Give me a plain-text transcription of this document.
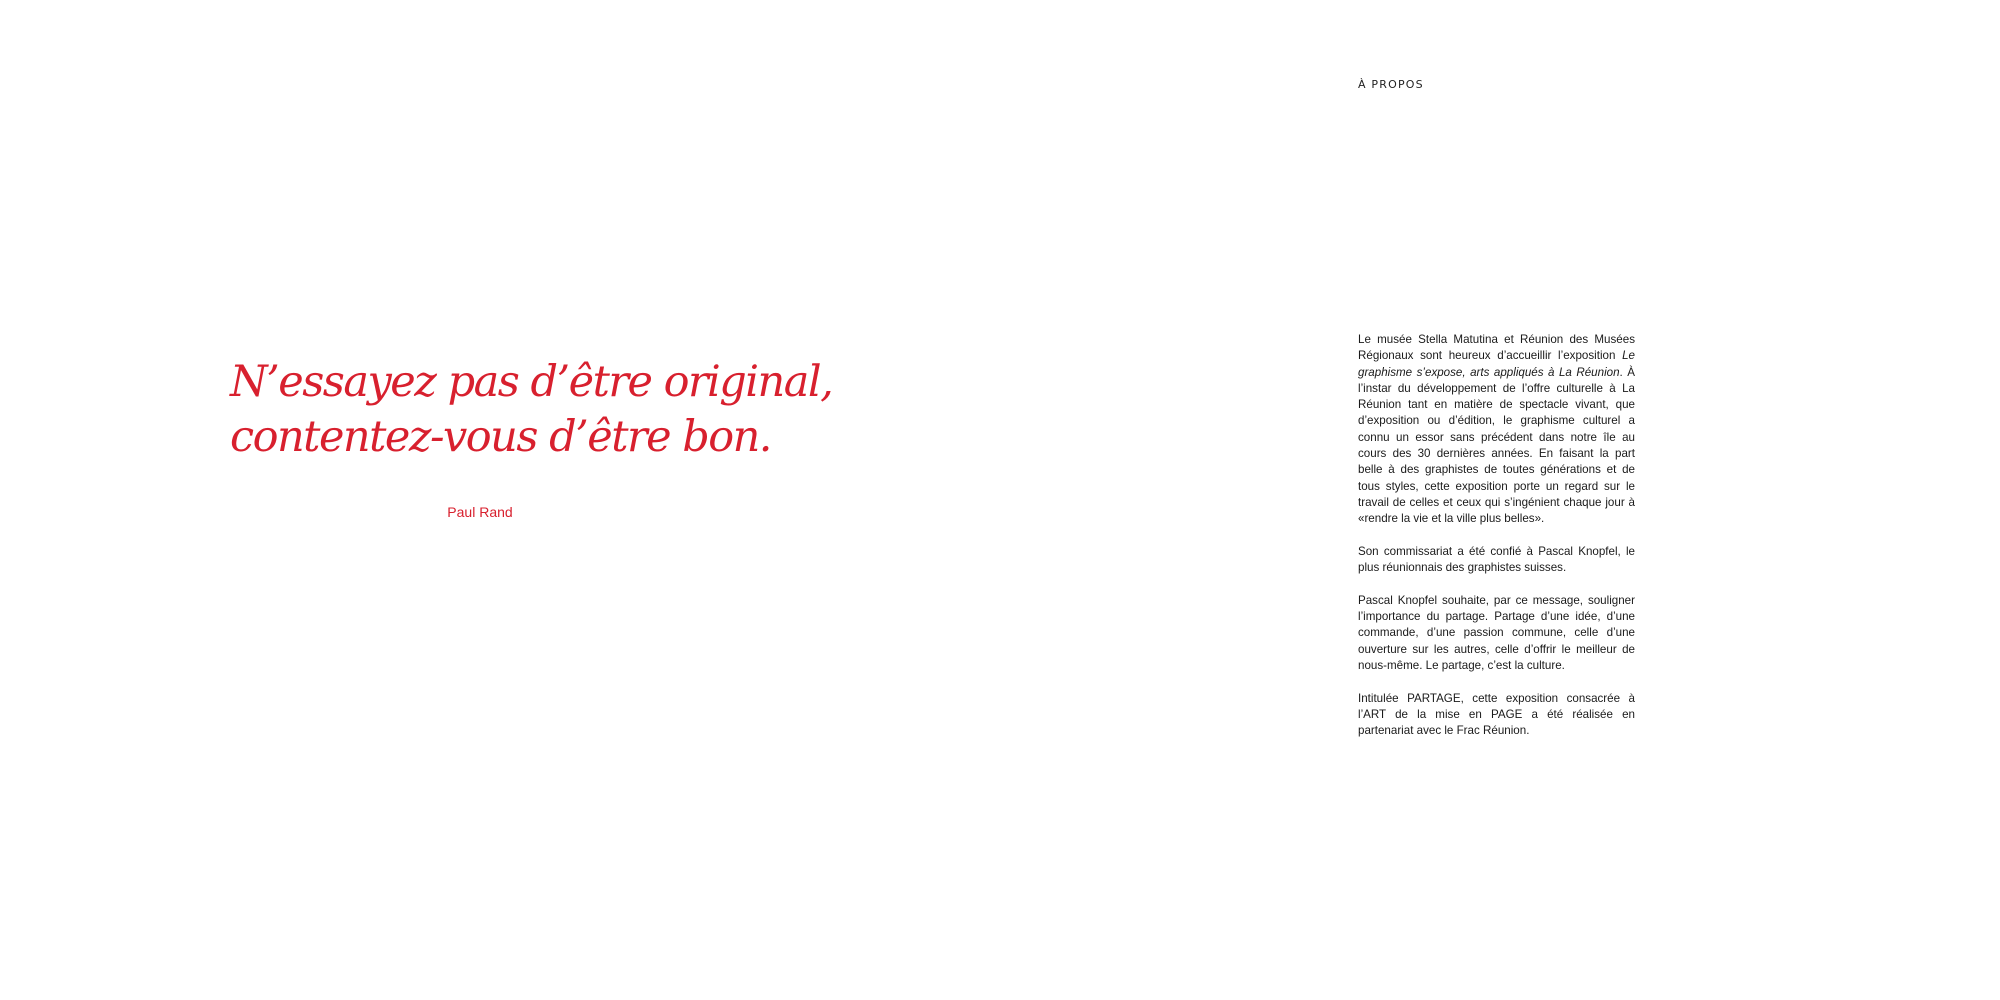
N’essayez pas d’être original,
contentez-vous d’être bon.
Paul Rand
À PROPOS

Le musée Stella Matutina et Réunion des Musées Régionaux sont heureux d’accueillir l’exposition Le graphisme s’expose, arts appliqués à La Réunion. À l’instar du développement de l’offre culturelle à La Réunion tant en matière de spectacle vivant, que d’exposition ou d’édition, le graphisme culturel a connu un essor sans précédent dans notre île au cours des 30 dernières années. En faisant la part belle à des graphistes de toutes générations et de tous styles, cette exposition porte un regard sur le travail de celles et ceux qui s’ingénient chaque jour à «rendre la vie et la ville plus belles».

Son commissariat a été confié à Pascal Knopfel, le plus réunionnais des graphistes suisses.

Pascal Knopfel souhaite, par ce message, souligner l’importance du partage. Partage d’une idée, d’une commande, d’une passion commune, celle d’une ouverture sur les autres, celle d’offrir le meilleur de nous-même. Le partage, c’est la culture.

Intitulée PARTAGE, cette exposition consacrée à l’ART de la mise en PAGE a été réalisée en partenariat avec le Frac Réunion.
